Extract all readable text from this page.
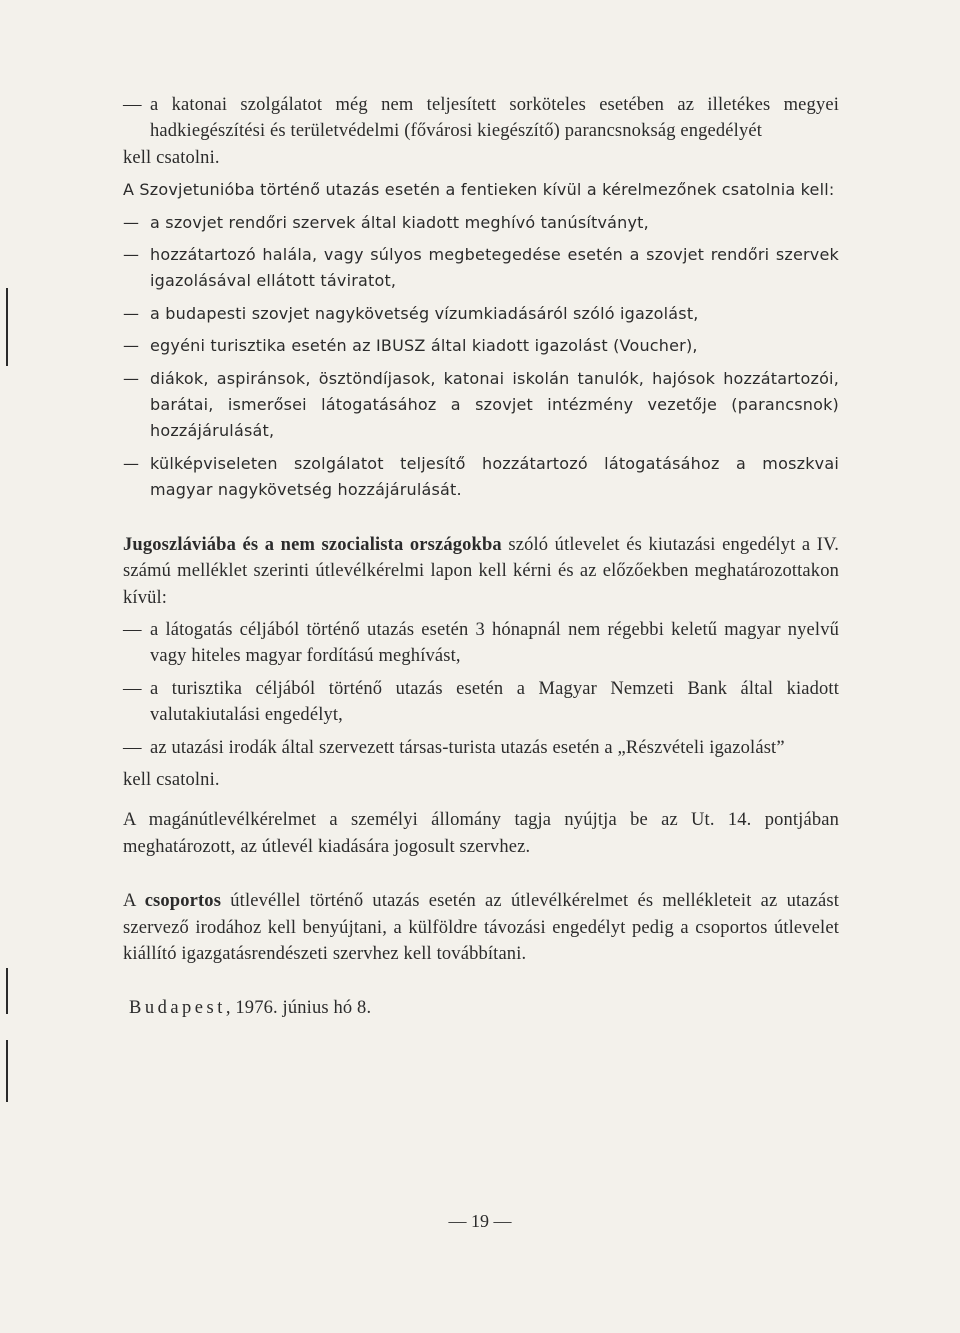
— a katonai szolgálatot még nem teljesített sorköteles esetében az illetékes megyei hadkiegészítési és területvédelmi (fővárosi kiegészítő) parancsnokság engedélyét
kell csatolni.
A Szovjetunióba történő utazás esetén a fentieken kívül a kérelmezőnek csatolnia kell:
— a szovjet rendőri szervek által kiadott meghívó tanúsítványt,
— hozzátartozó halála, vagy súlyos megbetegedése esetén a szovjet rendőri szervek igazolásával ellátott táviratot,
— a budapesti szovjet nagykövetség vízumkiadásáról szóló igazolást,
— egyéni turisztika esetén az IBUSZ által kiadott igazolást (Voucher),
— diákok, aspiránsok, ösztöndíjasok, katonai iskolán tanulók, hajósok hozzátartozói, barátai, ismerősei látogatásához a szovjet intézmény vezetője (parancsnok) hozzájárulását,
— külképviseleten szolgálatot teljesítő hozzátartozó látogatásához a moszkvai magyar nagykövetség hozzájárulását.
Jugoszláviába és a nem szocialista országokba szóló útlevelet és kiutazási engedélyt a IV. számú melléklet szerinti útlevélkérelmi lapon kell kérni és az előzőekben meghatározottakon kívül:
— a látogatás céljából történő utazás esetén 3 hónapnál nem régebbi keletű magyar nyelvű vagy hiteles magyar fordítású meghívást,
— a turisztika céljából történő utazás esetén a Magyar Nemzeti Bank által kiadott valutakiutalási engedélyt,
— az utazási irodák által szervezett társas-turista utazás esetén a „Részvételi igazolást”
kell csatolni.
A magánútlevélkérelmet a személyi állomány tagja nyújtja be az Ut. 14. pontjában meghatározott, az útlevél kiadására jogosult szervhez.
A csoportos útlevéllel történő utazás esetén az útlevélkérelmet és mellékleteit az utazást szervező irodához kell benyújtani, a külföldre távozási engedélyt pedig a csoportos útlevelet kiállító igazgatásrendészeti szervhez kell továbbítani.
Budapest, 1976. június hó 8.
— 19 —
